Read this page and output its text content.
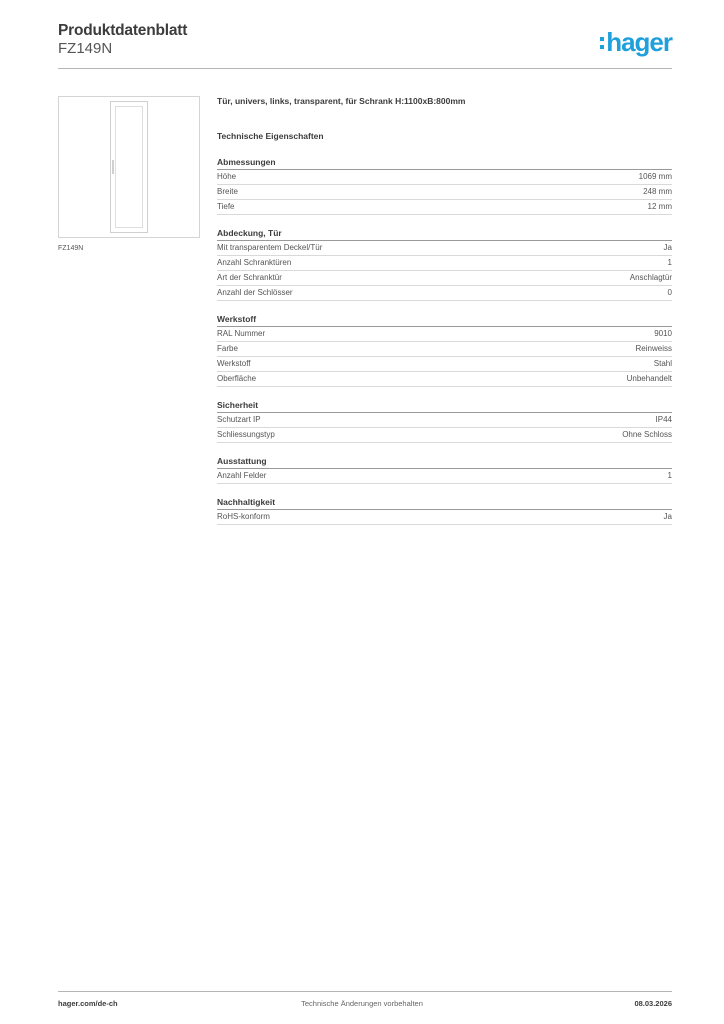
Produktdatenblatt
FZ149N	hager
FZ149N
Tür, univers, links, transparent, für Schrank H:1100xB:800mm
Technische Eigenschaften
Abmessungen
Höhe	1069 mm
Breite	248 mm
Tiefe	12 mm
Abdeckung, Tür
Mit transparentem Deckel/Tür	Ja
Anzahl Schranktüren	1
Art der Schranktür	Anschlagtür
Anzahl der Schlösser	0
Werkstoff
RAL Nummer	9010
Farbe	Reinweiss
Werkstoff	Stahl
Oberfläche	Unbehandelt
Sicherheit
Schutzart IP	IP44
Schliessungstyp	Ohne Schloss
Ausstattung
Anzahl Felder	1
Nachhaltigkeit
RoHS-konform	Ja
hager.com/de-ch	Technische Änderungen vorbehalten	08.03.2026
